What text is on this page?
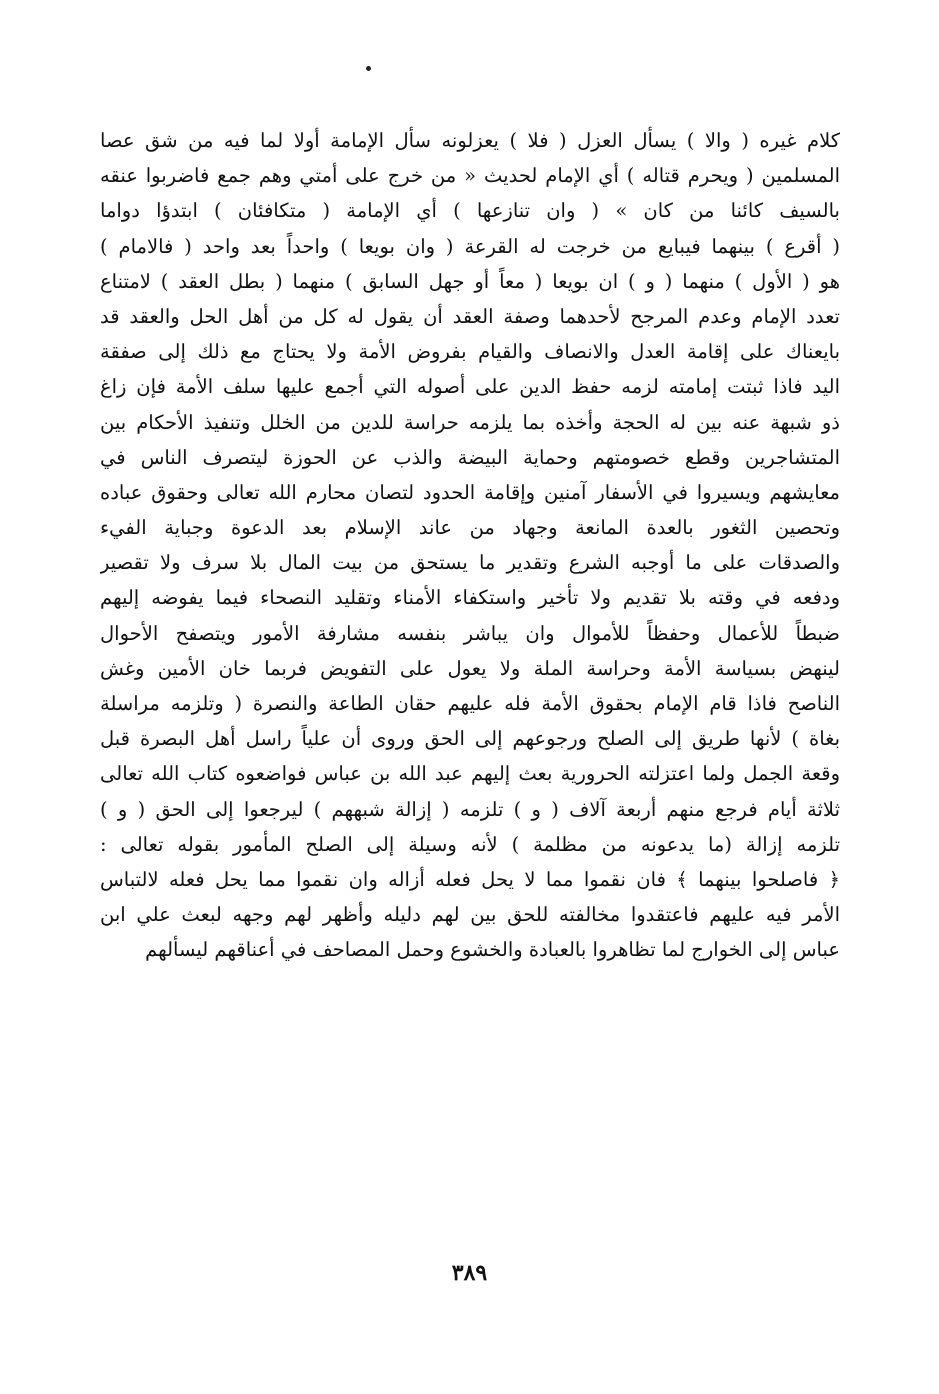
كلام غيره ( والا ) يسأل العزل ( فلا ) يعزلونه سأل الإمامة أولا لما فيه من شق عصا
المسلمين ( ويحرم قتاله ) أي الإمام لحديث « من خرج على أمتي وهم جمع فاضربوا عنقه
بالسيف كائنا من كان » ( وان تنازعها ) أي الإمامة ( متكافئان ) ابتدؤا دواما
( أقرع ) بينهما فيبايع من خرجت له القرعة ( وان بويعا ) واحداً بعد واحد ( فالامام )
هو ( الأول ) منهما ( و ) ان بويعا ( معاً أو جهل السابق ) منهما ( بطل العقد ) لامتناع
تعدد الإمام وعدم المرجح لأحدهما وصفة العقد أن يقول له كل من أهل الحل والعقد قد
بايعناك على إقامة العدل والانصاف والقيام بفروض الأمة ولا يحتاج مع ذلك إلى صفقة
اليد فاذا ثبتت إمامته لزمه حفظ الدين على أصوله التي أجمع عليها سلف الأمة فإن زاغ
ذو شبهة عنه بين له الحجة وأخذه بما يلزمه حراسة للدين من الخلل وتنفيذ الأحكام بين
المتشاجرين وقطع خصومتهم وحماية البيضة والذب عن الحوزة ليتصرف الناس في
معايشهم ويسيروا في الأسفار آمنين وإقامة الحدود لتصان محارم الله تعالى وحقوق عباده
وتحصين الثغور بالعدة المانعة وجهاد من عاند الإسلام بعد الدعوة وجباية الفيء
والصدقات على ما أوجبه الشرع وتقدير ما يستحق من بيت المال بلا سرف ولا تقصير
ودفعه في وقته بلا تقديم ولا تأخير واستكفاء الأمناء وتقليد النصحاء فيما يفوضه إليهم
ضبطاً للأعمال وحفظاً للأموال وان يباشر بنفسه مشارفة الأمور ويتصفح الأحوال
لينهض بسياسة الأمة وحراسة الملة ولا يعول على التفويض فربما خان الأمين وغش
الناصح فاذا قام الإمام بحقوق الأمة فله عليهم حقان الطاعة والنصرة ( وتلزمه مراسلة
بغاة ) لأنها طريق إلى الصلح ورجوعهم إلى الحق وروى أن علياً راسل أهل البصرة قبل
وقعة الجمل ولما اعتزلته الحرورية بعث إليهم عبد الله بن عباس فواضعوه كتاب الله تعالى
ثلاثة أيام فرجع منهم أربعة آلاف ( و ) تلزمه ( إزالة شبههم ) ليرجعوا إلى الحق ( و )
تلزمه إزالة (ما يدعونه من مظلمة ) لأنه وسيلة إلى الصلح المأمور بقوله تعالى :
﴿ فاصلحوا بينهما ﴾ فان نقموا مما لا يحل فعله أزاله وان نقموا مما يحل فعله لالتباس
الأمر فيه عليهم فاعتقدوا مخالفته للحق بين لهم دليله وأظهر لهم وجهه لبعث علي ابن
عباس إلى الخوارج لما تظاهروا بالعبادة والخشوع وحمل المصاحف في أعناقهم ليسألهم
٣٨٩
